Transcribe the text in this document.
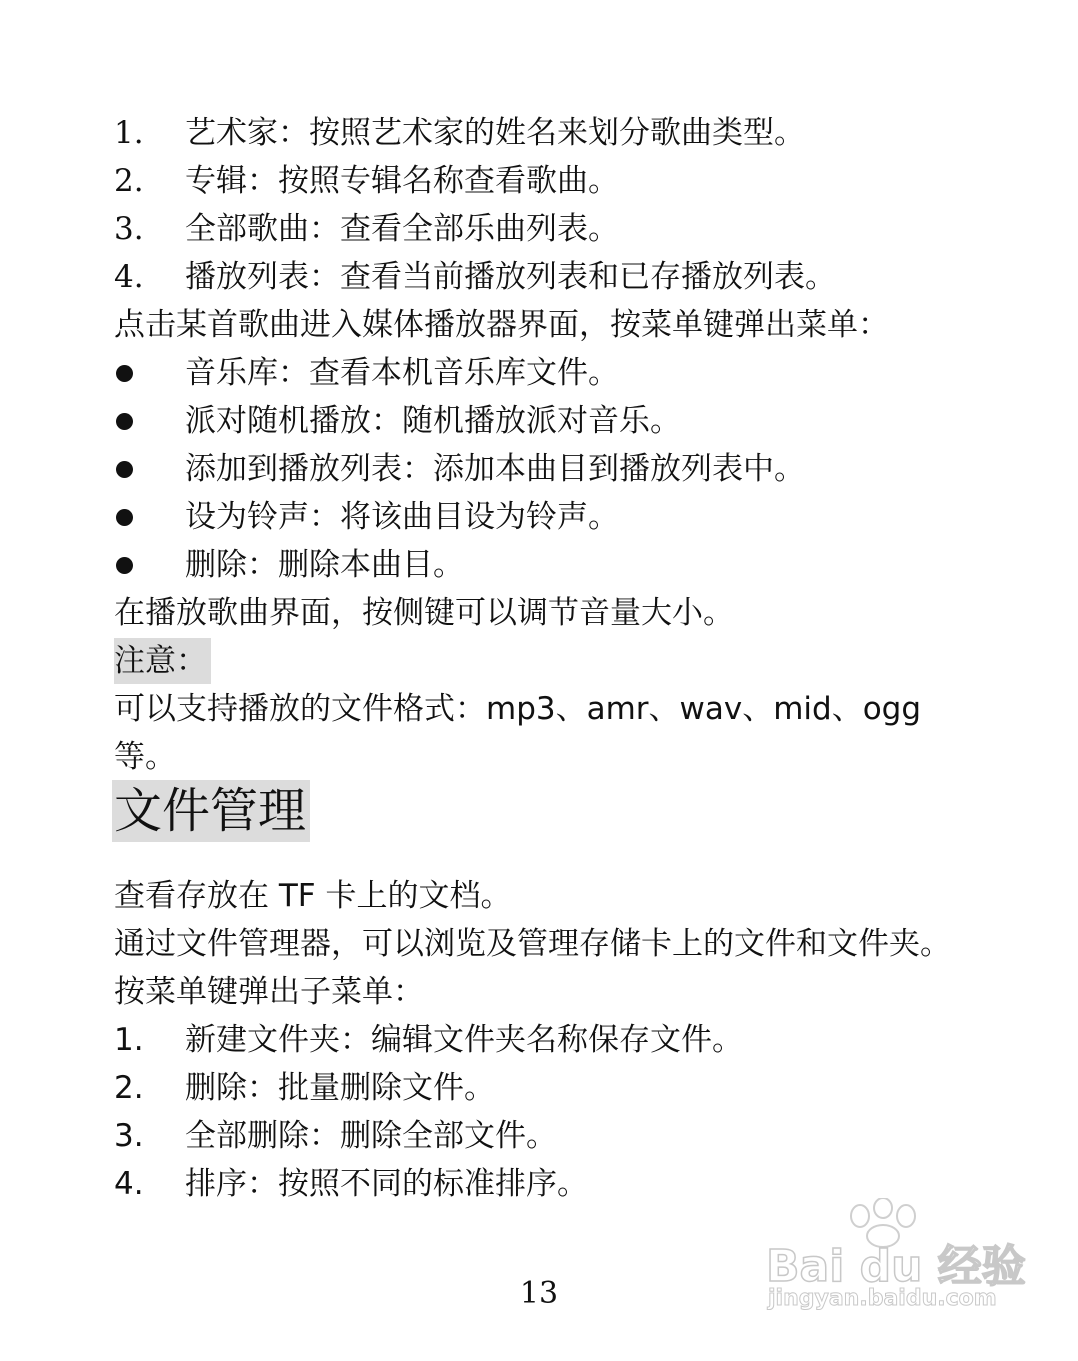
1.	艺术家：按照艺术家的姓名来划分歌曲类型。
2.	专辑：按照专辑名称查看歌曲。
3.	全部歌曲：查看全部乐曲列表。
4.	播放列表：查看当前播放列表和已存播放列表。
点击某首歌曲进入媒体播放器界面，按菜单键弹出菜单：
音乐库：查看本机音乐库文件。
派对随机播放：随机播放派对音乐。
添加到播放列表：添加本曲目到播放列表中。
设为铃声：将该曲目设为铃声。
删除：删除本曲目。
在播放歌曲界面，按侧键可以调节音量大小。
注意：
可以支持播放的文件格式：mp3、amr、wav、mid、ogg
等。
文件管理
查看存放在 TF 卡上的文档。
通过文件管理器，可以浏览及管理存储卡上的文件和文件夹。
按菜单键弹出子菜单：
1.	新建文件夹：编辑文件夹名称保存文件。
2.	删除：批量删除文件。
3.	全部删除：删除全部文件。
4.	排序：按照不同的标准排序。
Bai du 经验
jingyan.baidu.com
13
